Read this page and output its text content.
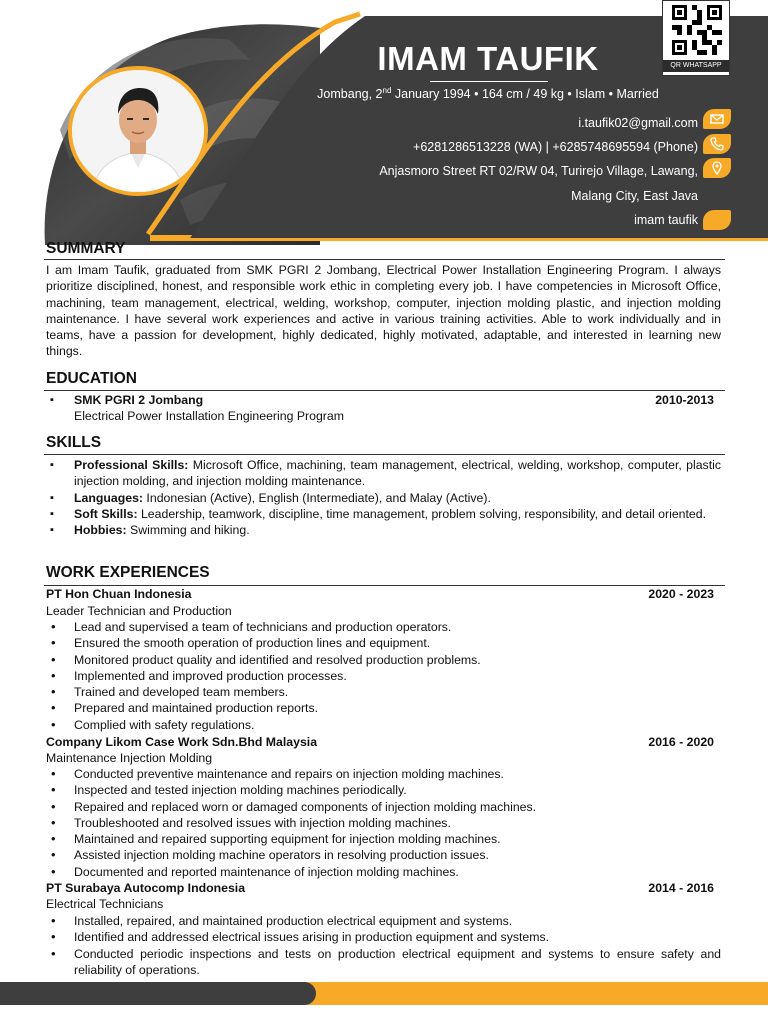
IMAM TAUFIK
Jombang, 2nd January 1994 • 164 cm / 49 kg • Islam • Married
QR WHATSAPP
i.taufik02@gmail.com
+6281286513228 (WA) | +6285748695594 (Phone)
Anjasmoro Street RT 02/RW 04, Turirejo Village, Lawang,
Malang City, East Java
imam taufik
SUMMARY
I am Imam Taufik, graduated from SMK PGRI 2 Jombang, Electrical Power Installation Engineering Program. I always prioritize disciplined, honest, and responsible work ethic in completing every job. I have competencies in Microsoft Office, machining, team management, electrical, welding, workshop, computer, injection molding plastic, and injection molding maintenance. I have several work experiences and active in various training activities. Able to work individually and in teams, have a passion for development, highly dedicated, highly motivated, adaptable, and interested in learning new things.
EDUCATION
▪ SMK PGRI 2 Jombang	2010-2013
Electrical Power Installation Engineering Program
SKILLS
▪ Professional Skills: Microsoft Office, machining, team management, electrical, welding, workshop, computer, plastic injection molding, and injection molding maintenance.
▪ Languages: Indonesian (Active), English (Intermediate), and Malay (Active).
▪ Soft Skills: Leadership, teamwork, discipline, time management, problem solving, responsibility, and detail oriented.
▪ Hobbies: Swimming and hiking.
WORK EXPERIENCES
PT Hon Chuan Indonesia	2020 - 2023
Leader Technician and Production
• Lead and supervised a team of technicians and production operators.
• Ensured the smooth operation of production lines and equipment.
• Monitored product quality and identified and resolved production problems.
• Implemented and improved production processes.
• Trained and developed team members.
• Prepared and maintained production reports.
• Complied with safety regulations.
Company Likom Case Work Sdn.Bhd Malaysia	2016 - 2020
Maintenance Injection Molding
• Conducted preventive maintenance and repairs on injection molding machines.
• Inspected and tested injection molding machines periodically.
• Repaired and replaced worn or damaged components of injection molding machines.
• Troubleshooted and resolved issues with injection molding machines.
• Maintained and repaired supporting equipment for injection molding machines.
• Assisted injection molding machine operators in resolving production issues.
• Documented and reported maintenance of injection molding machines.
PT Surabaya Autocomp Indonesia	2014 - 2016
Electrical Technicians
• Installed, repaired, and maintained production electrical equipment and systems.
• Identified and addressed electrical issues arising in production equipment and systems.
• Conducted periodic inspections and tests on production electrical equipment and systems to ensure safety and reliability of operations.
